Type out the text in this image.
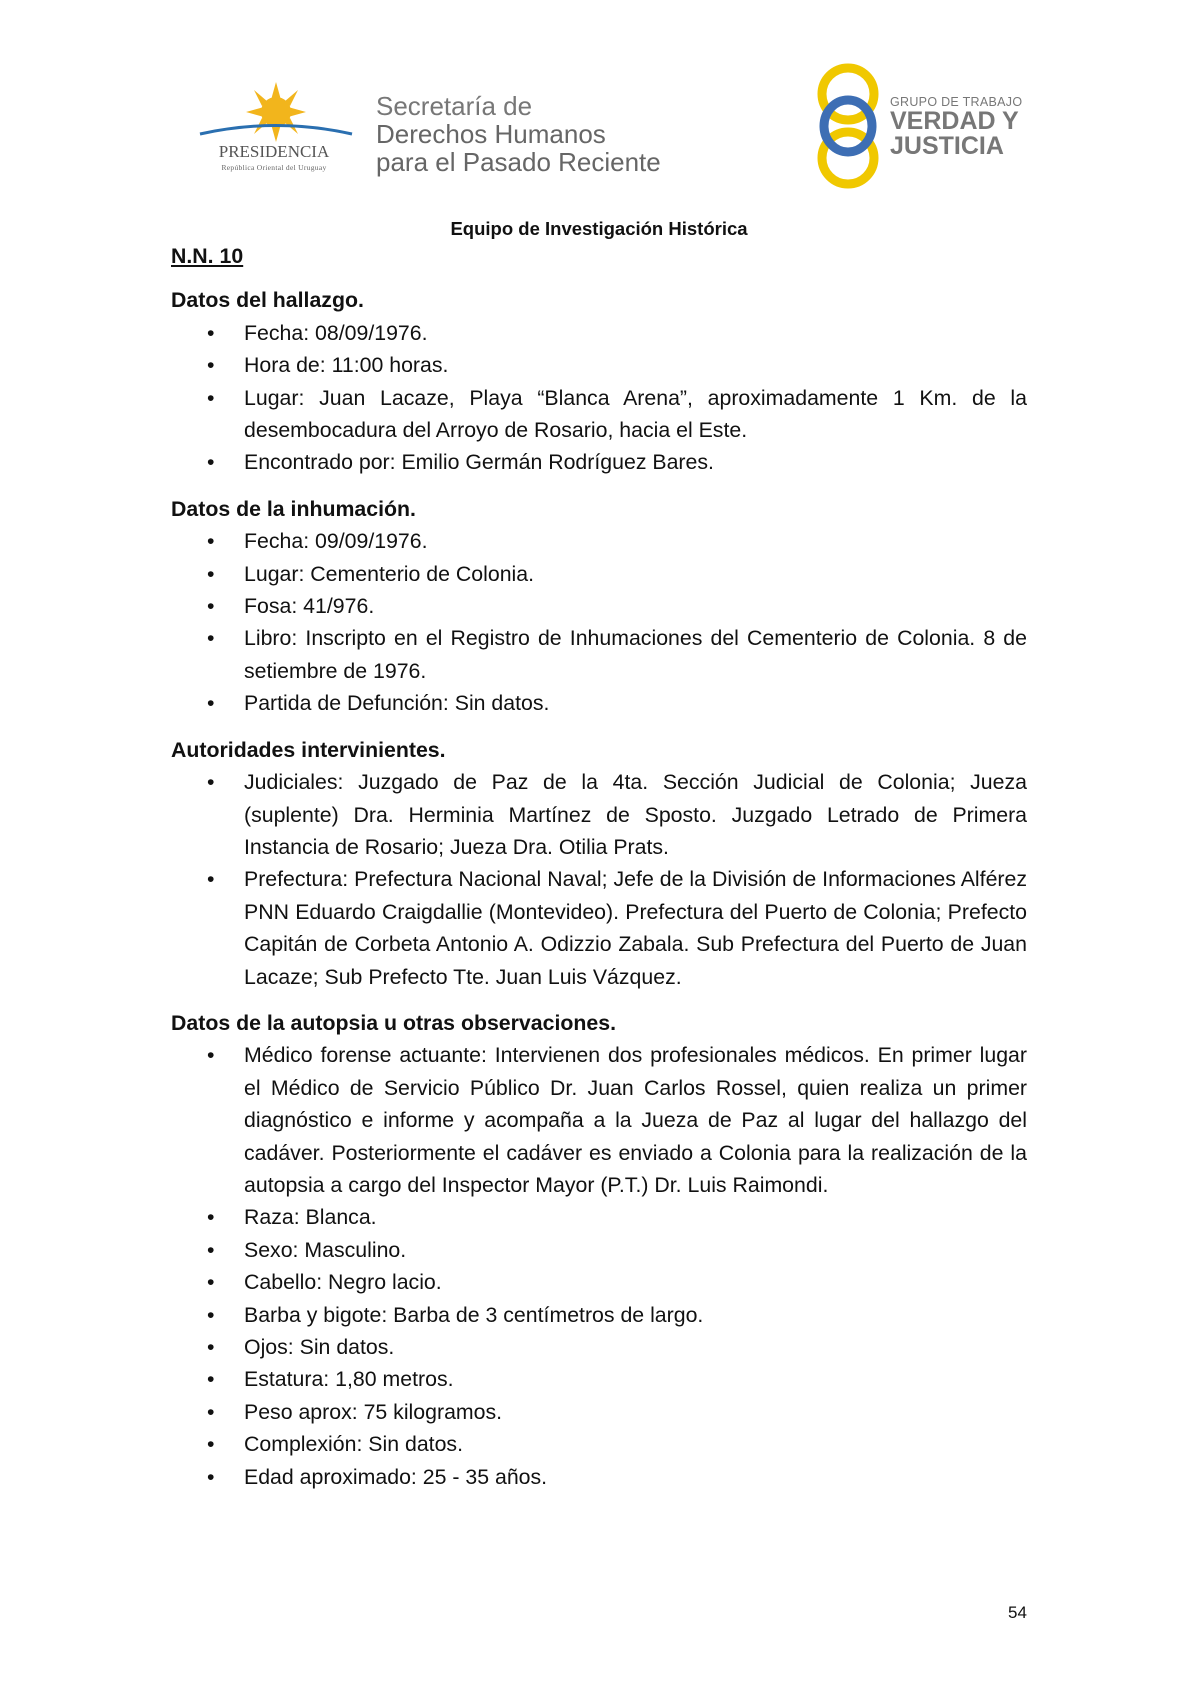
PRESIDENCIA
República Oriental del Uruguay
Secretaría de
Derechos Humanos
para el Pasado Reciente
GRUPO DE TRABAJO
VERDAD Y
JUSTICIA
Equipo de Investigación Histórica
N.N. 10
Datos del hallazgo.
• Fecha: 08/09/1976.
• Hora de: 11:00 horas.
• Lugar: Juan Lacaze, Playa “Blanca Arena”, aproximadamente 1 Km. de la desembocadura del Arroyo de Rosario, hacia el Este.
• Encontrado por: Emilio Germán Rodríguez Bares.
Datos de la inhumación.
• Fecha: 09/09/1976.
• Lugar: Cementerio de Colonia.
• Fosa: 41/976.
• Libro: Inscripto en el Registro de Inhumaciones del Cementerio de Colonia. 8 de setiembre de 1976.
• Partida de Defunción: Sin datos.
Autoridades intervinientes.
• Judiciales: Juzgado de Paz de la 4ta. Sección Judicial de Colonia; Jueza (suplente) Dra. Herminia Martínez de Sposto. Juzgado Letrado de Primera Instancia de Rosario; Jueza Dra. Otilia Prats.
• Prefectura: Prefectura Nacional Naval; Jefe de la División de Informaciones Alférez PNN Eduardo Craigdallie (Montevideo). Prefectura del Puerto de Colonia; Prefecto Capitán de Corbeta Antonio A. Odizzio Zabala. Sub Prefectura del Puerto de Juan Lacaze; Sub Prefecto Tte. Juan Luis Vázquez.
Datos de la autopsia u otras observaciones.
• Médico forense actuante: Intervienen dos profesionales médicos. En primer lugar el Médico de Servicio Público Dr. Juan Carlos Rossel, quien realiza un primer diagnóstico e informe y acompaña a la Jueza de Paz al lugar del hallazgo del cadáver. Posteriormente el cadáver es enviado a Colonia para la realización de la autopsia a cargo del Inspector Mayor (P.T.) Dr. Luis Raimondi.
• Raza: Blanca.
• Sexo: Masculino.
• Cabello: Negro lacio.
• Barba y bigote: Barba de 3 centímetros de largo.
• Ojos: Sin datos.
• Estatura: 1,80 metros.
• Peso aprox: 75 kilogramos.
• Complexión: Sin datos.
• Edad aproximado: 25 - 35 años.
54
